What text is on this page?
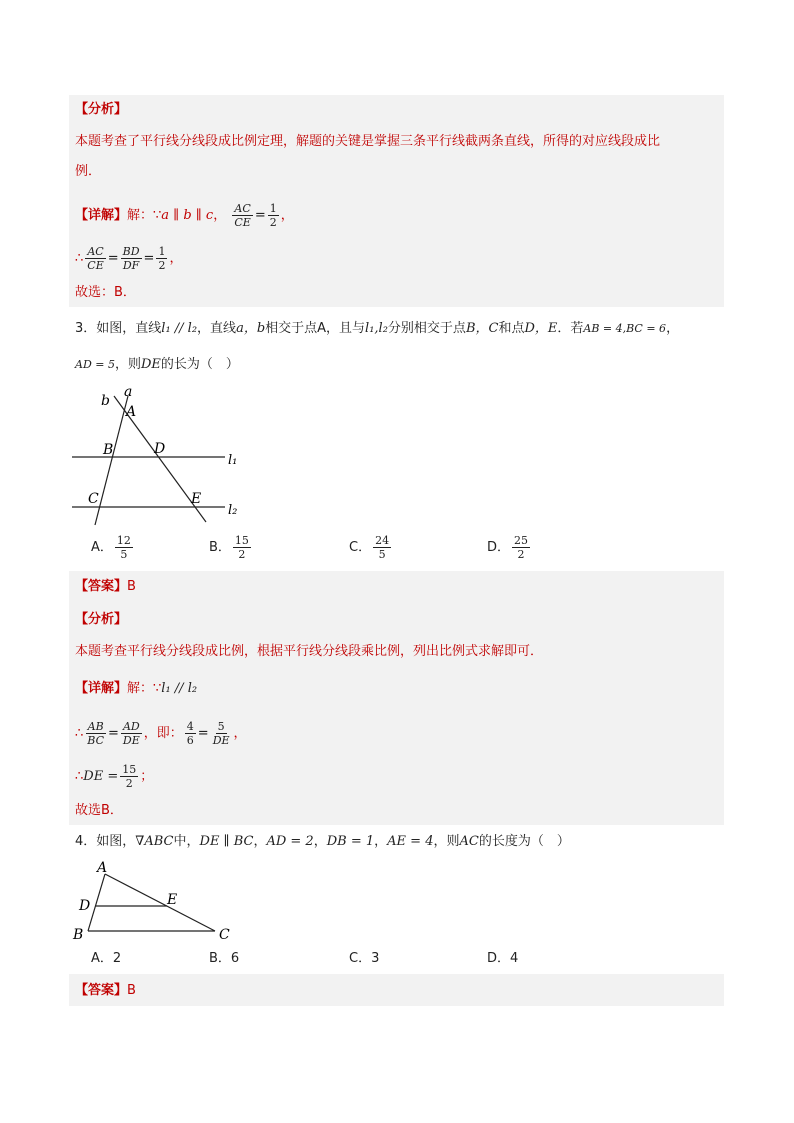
【分析】
本题考查了平行线分线段成比例定理，解题的关键是掌握三条平行线截两条直线，所得的对应线段成比
例．
【详解】解：∵a ∥ b ∥ c， $\frac{AC}{CE} = \frac{1}{2}$ ，
∴ $\frac{AC}{CE} = \frac{BD}{DF} = \frac{1}{2}$ ，
故选：B．
3．如图，直线l₁ // l₂，直线a，b相交于点A，且与l₁,l₂分别相交于点B，C和点D，E．若AB = 4,BC = 6，
AD = 5，则DE的长为（　）
a
b
A
B	D
C	E
l₁
l₂
A． $\frac{12}{5}$	B． $\frac{15}{2}$	C． $\frac{24}{5}$	D． $\frac{25}{2}$
【答案】B
【分析】
本题考查平行线分线段成比例，根据平行线分线段乘比例，列出比例式求解即可．
【详解】解：∵l₁ // l₂
∴ $\frac{AB}{BC} = \frac{AD}{DE}$ ，即： $\frac{4}{6} = \frac{5}{DE}$ ，
∴DE = $\frac{15}{2}$ ；
故选B．
4．如图，∇ABC中，DE ∥ BC，AD = 2，DB = 1，AE = 4，则AC的长度为（　）
A
D	E
B	C
A．2	B．6	C．3	D．4
【答案】B
